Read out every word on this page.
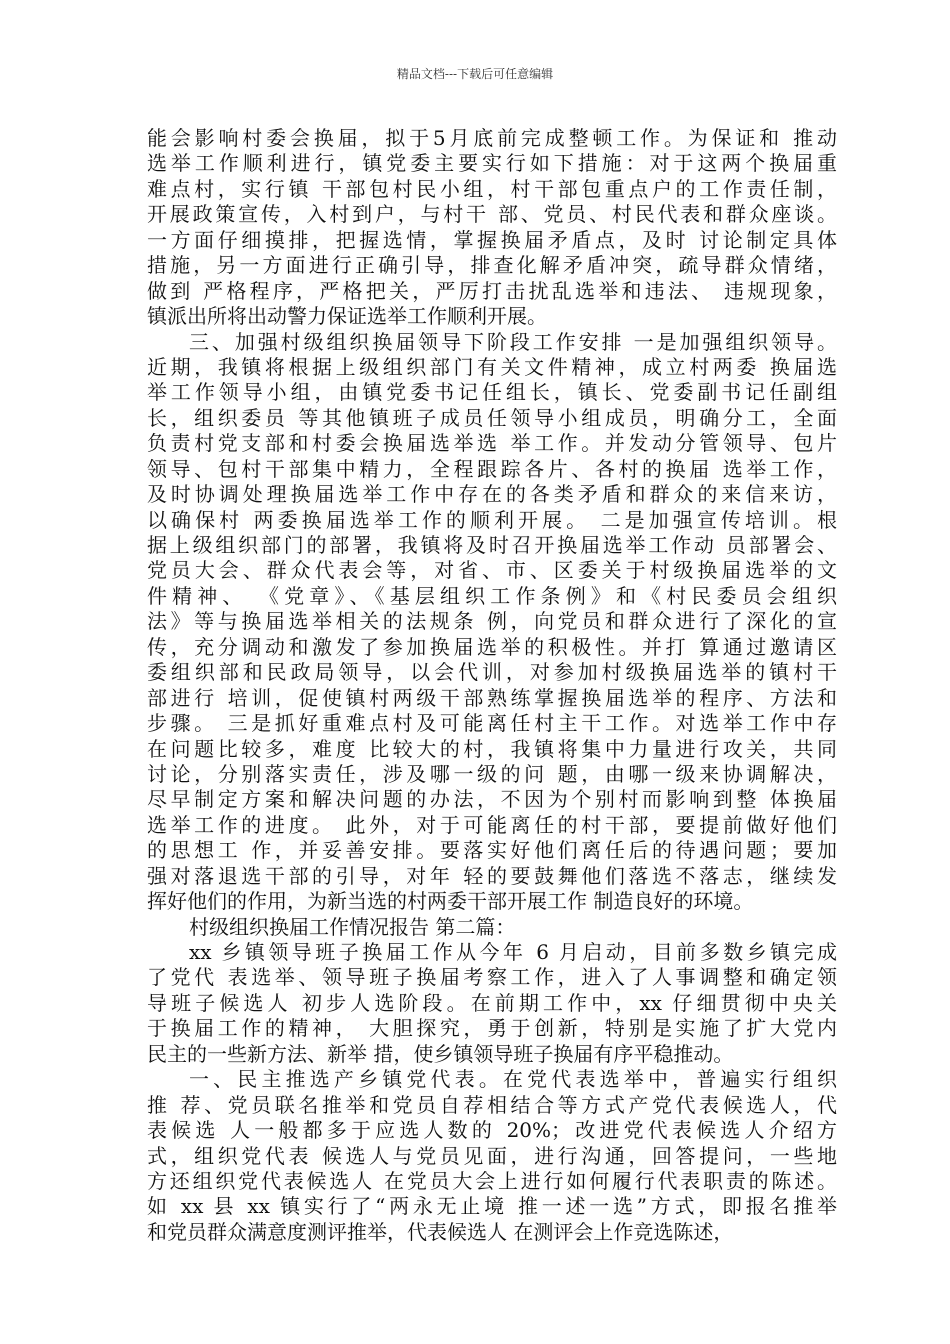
精品文档---下载后可任意编辑
能会影响村委会换届，拟于5月底前完成整顿工作。为保证和 推动
选举工作顺利进行，镇党委主要实行如下措施：对于这两个换届重
难点村，实行镇 干部包村民小组，村干部包重点户的工作责任制，
开展政策宣传，入村到户，与村干 部、党员、村民代表和群众座谈。
一方面仔细摸排，把握选情，掌握换届矛盾点，及时 讨论制定具体
措施，另一方面进行正确引导，排查化解矛盾冲突，疏导群众情绪，
做到 严格程序，严格把关，严厉打击扰乱选举和违法、 违规现象，
镇派出所将出动警力保证选举工作顺利开展。
三、加强村级组织换届领导下阶段工作安排 一是加强组织领导。
近期，我镇将根据上级组织部门有关文件精神，成立村两委 换届选
举工作领导小组，由镇党委书记任组长，镇长、党委副书记任副组
长，组织委员 等其他镇班子成员任领导小组成员，明确分工，全面
负责村党支部和村委会换届选举选 举工作。并发动分管领导、包片
领导、包村干部集中精力，全程跟踪各片、各村的换届 选举工作，
及时协调处理换届选举工作中存在的各类矛盾和群众的来信来访，
以确保村 两委换届选举工作的顺利开展。 二是加强宣传培训。根
据上级组织部门的部署，我镇将及时召开换届选举工作动 员部署会、
党员大会、群众代表会等，对省、市、区委关于村级换届选举的文
件精神、 《党章》、《基层组织工作条例》和《村民委员会组织
法》等与换届选举相关的法规条 例，向党员和群众进行了深化的宣
传，充分调动和激发了参加换届选举的积极性。并打 算通过邀请区
委组织部和民政局领导，以会代训，对参加村级换届选举的镇村干
部进行 培训，促使镇村两级干部熟练掌握换届选举的程序、方法和
步骤。 三是抓好重难点村及可能离任村主干工作。对选举工作中存
在问题比较多，难度 比较大的村，我镇将集中力量进行攻关，共同
讨论，分别落实责任，涉及哪一级的问 题，由哪一级来协调解决，
尽早制定方案和解决问题的办法，不因为个别村而影响到整 体换届
选举工作的进度。 此外，对于可能离任的村干部，要提前做好他们
的思想工 作，并妥善安排。要落实好他们离任后的待遇问题；要加
强对落退选干部的引导，对年 轻的要鼓舞他们落选不落志，继续发
挥好他们的作用，为新当选的村两委干部开展工作 制造良好的环境。
村级组织换届工作情况报告 第二篇：
xx 乡镇领导班子换届工作从今年 6 月启动，目前多数乡镇完成
了党代 表选举、领导班子换届考察工作，进入了人事调整和确定领
导班子候选人 初步人选阶段。在前期工作中，xx 仔细贯彻中央关
于换届工作的精神， 大胆探究，勇于创新，特别是实施了扩大党内
民主的一些新方法、新举 措，使乡镇领导班子换届有序平稳推动。
一、民主推选产乡镇党代表。在党代表选举中，普遍实行组织
推 荐、党员联名推举和党员自荐相结合等方式产党代表候选人，代
表候选 人一般都多于应选人数的 20%；改进党代表候选人介绍方
式，组织党代表 候选人与党员见面，进行沟通，回答提问，一些地
方还组织党代表候选人 在党员大会上进行如何履行代表职责的陈述。
如 xx 县 xx 镇实行了“两永无止境 推一述一选”方式，即报名推举
和党员群众满意度测评推举，代表候选人 在测评会上作竞选陈述，
